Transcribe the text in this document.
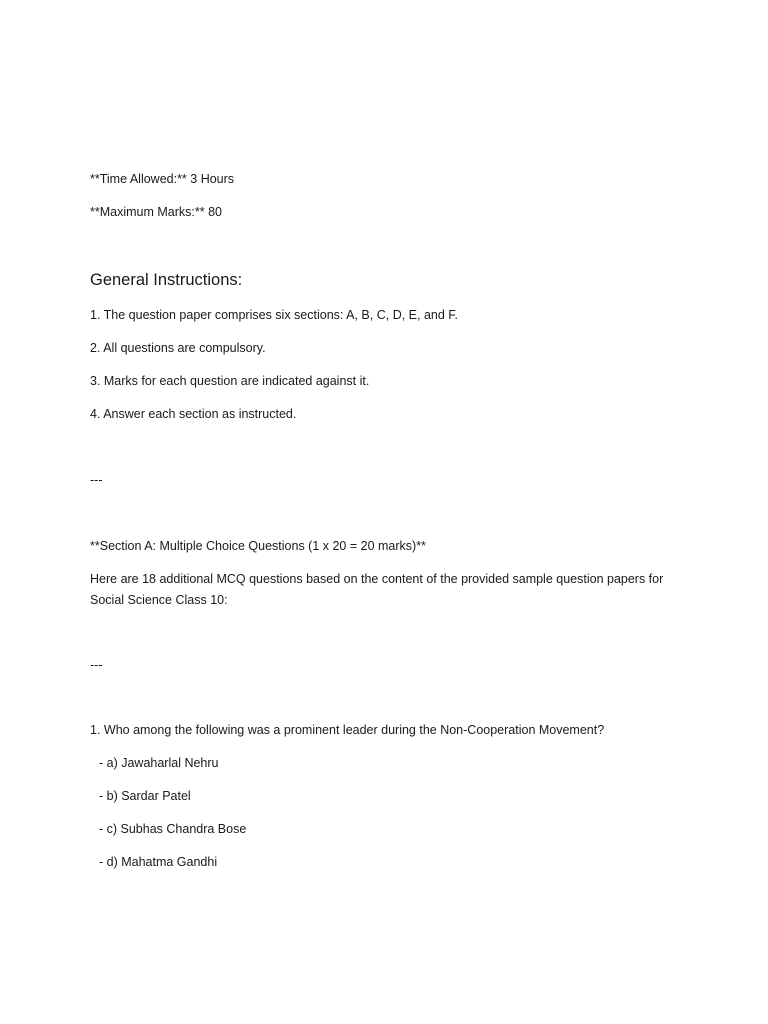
**Time Allowed:** 3 Hours
**Maximum Marks:** 80
General Instructions:
1. The question paper comprises six sections: A, B, C, D, E, and F.
2. All questions are compulsory.
3. Marks for each question are indicated against it.
4. Answer each section as instructed.
---
**Section A: Multiple Choice Questions (1 x 20 = 20 marks)**
Here are 18 additional MCQ questions based on the content of the provided sample question papers for Social Science Class 10:
---
1. Who among the following was a prominent leader during the Non-Cooperation Movement?
- a) Jawaharlal Nehru
- b) Sardar Patel
- c) Subhas Chandra Bose
- d) Mahatma Gandhi
